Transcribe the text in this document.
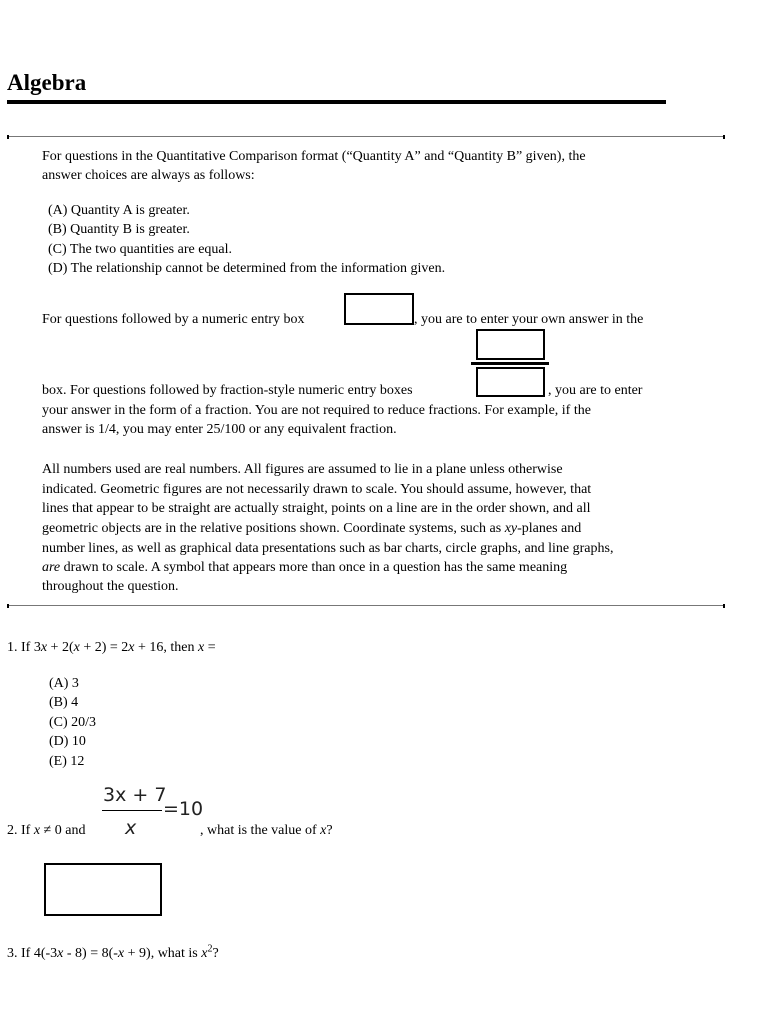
Algebra
For questions in the Quantitative Comparison format (“Quantity A” and “Quantity B” given), the
answer choices are always as follows:
(A) Quantity A is greater.
(B) Quantity B is greater.
(C) The two quantities are equal.
(D) The relationship cannot be determined from the information given.
For questions followed by a numeric entry box	, you are to enter your own answer in the
box. For questions followed by fraction-style numeric entry boxes	, you are to enter
your answer in the form of a fraction. You are not required to reduce fractions. For example, if the
answer is 1/4, you may enter 25/100 or any equivalent fraction.
All numbers used are real numbers. All figures are assumed to lie in a plane unless otherwise
indicated. Geometric figures are not necessarily drawn to scale. You should assume, however, that
lines that appear to be straight are actually straight, points on a line are in the order shown, and all
geometric objects are in the relative positions shown. Coordinate systems, such as xy-planes and
number lines, as well as graphical data presentations such as bar charts, circle graphs, and line graphs,
are drawn to scale. A symbol that appears more than once in a question has the same meaning
throughout the question.
1. If 3x + 2(x + 2) = 2x + 16, then x =
(A) 3
(B) 4
(C) 20/3
(D) 10
(E) 12
2. If x ≠ 0 and
3x + 7
x
=10
, what is the value of x?
3. If 4(-3x - 8) = 8(-x + 9), what is $x^2$?
